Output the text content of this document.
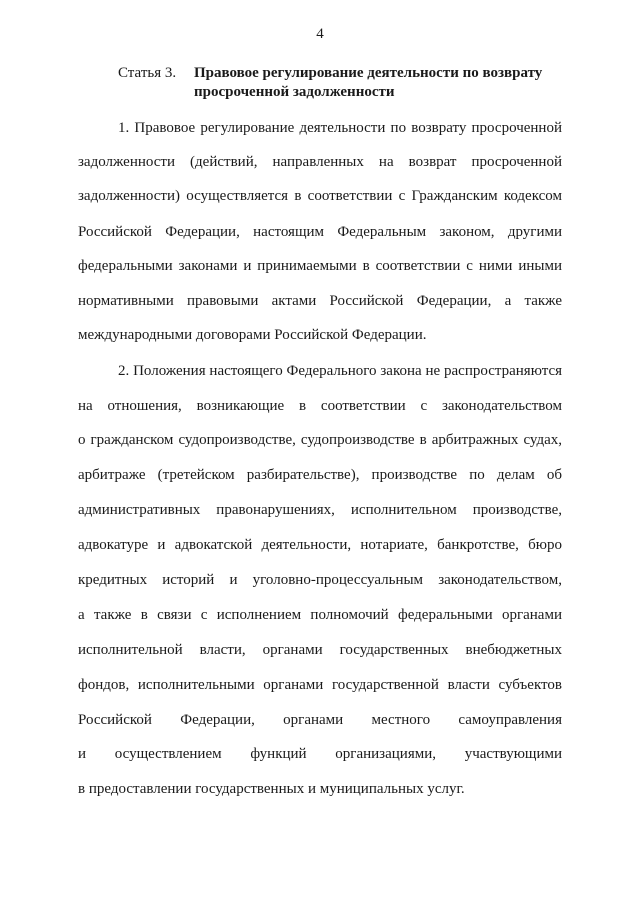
4
Статья 3. Правовое регулирование деятельности по возврату
просроченной задолженности
1. Правовое регулирование деятельности по возврату просроченной
задолженности (действий, направленных на возврат просроченной
задолженности) осуществляется в соответствии с Гражданским кодексом
Российской Федерации, настоящим Федеральным законом, другими
федеральными законами и принимаемыми в соответствии с ними иными
нормативными правовыми актами Российской Федерации, а также
международными договорами Российской Федерации.
2. Положения настоящего Федерального закона не распространяются
на отношения, возникающие в соответствии с законодательством
о гражданском судопроизводстве, судопроизводстве в арбитражных судах,
арбитраже (третейском разбирательстве), производстве по делам об
административных правонарушениях, исполнительном производстве,
адвокатуре и адвокатской деятельности, нотариате, банкротстве, бюро
кредитных историй и уголовно-процессуальным законодательством,
а также в связи с исполнением полномочий федеральными органами
исполнительной власти, органами государственных внебюджетных
фондов, исполнительными органами государственной власти субъектов
Российской Федерации, органами местного самоуправления
и осуществлением функций организациями, участвующими
в предоставлении государственных и муниципальных услуг.
